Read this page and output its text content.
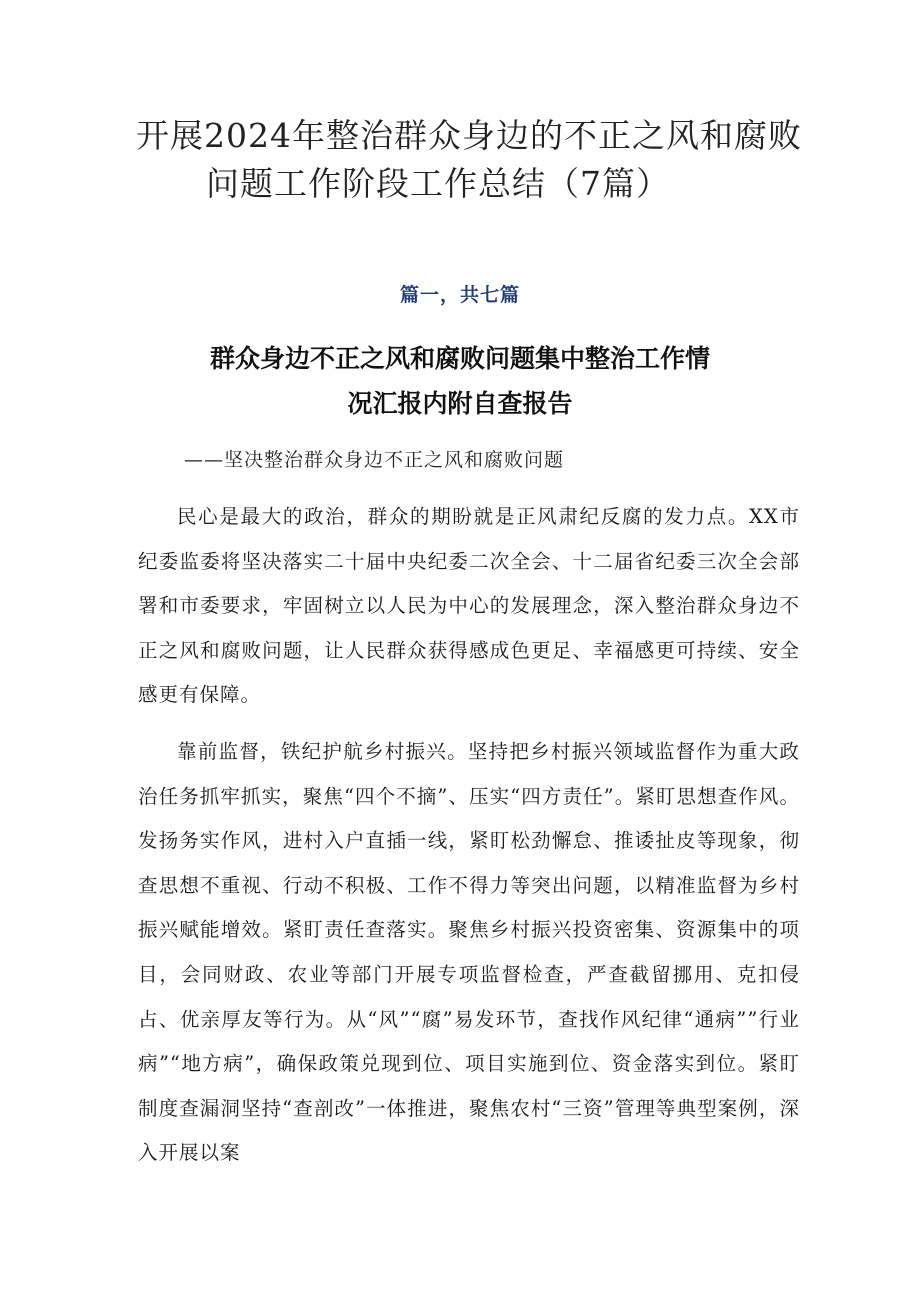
开展2024年整治群众身边的不正之风和腐败
问题工作阶段工作总结（7篇）
篇一，共七篇
群众身边不正之风和腐败问题集中整治工作情
况汇报内附自查报告
——坚决整治群众身边不正之风和腐败问题

民心是最大的政治，群众的期盼就是正风肃纪反腐的发力点。XX市纪委监委将坚决落实二十届中央纪委二次全会、十二届省纪委三次全会部署和市委要求，牢固树立以人民为中心的发展理念，深入整治群众身边不正之风和腐败问题，让人民群众获得感成色更足、幸福感更可持续、安全感更有保障。

靠前监督，铁纪护航乡村振兴。坚持把乡村振兴领域监督作为重大政治任务抓牢抓实，聚焦“四个不摘”、压实“四方责任”。紧盯思想查作风。发扬务实作风，进村入户直插一线，紧盯松劲懈怠、推诿扯皮等现象，彻查思想不重视、行动不积极、工作不得力等突出问题，以精准监督为乡村振兴赋能增效。紧盯责任查落实。聚焦乡村振兴投资密集、资源集中的项目，会同财政、农业等部门开展专项监督检查，严查截留挪用、克扣侵占、优亲厚友等行为。从“风”“腐”易发环节，查找作风纪律“通病””行业病”“地方病”，确保政策兑现到位、项目实施到位、资金落实到位。紧盯制度查漏洞坚持“查剖改”一体推进，聚焦农村“三资”管理等典型案例，深入开展以案
